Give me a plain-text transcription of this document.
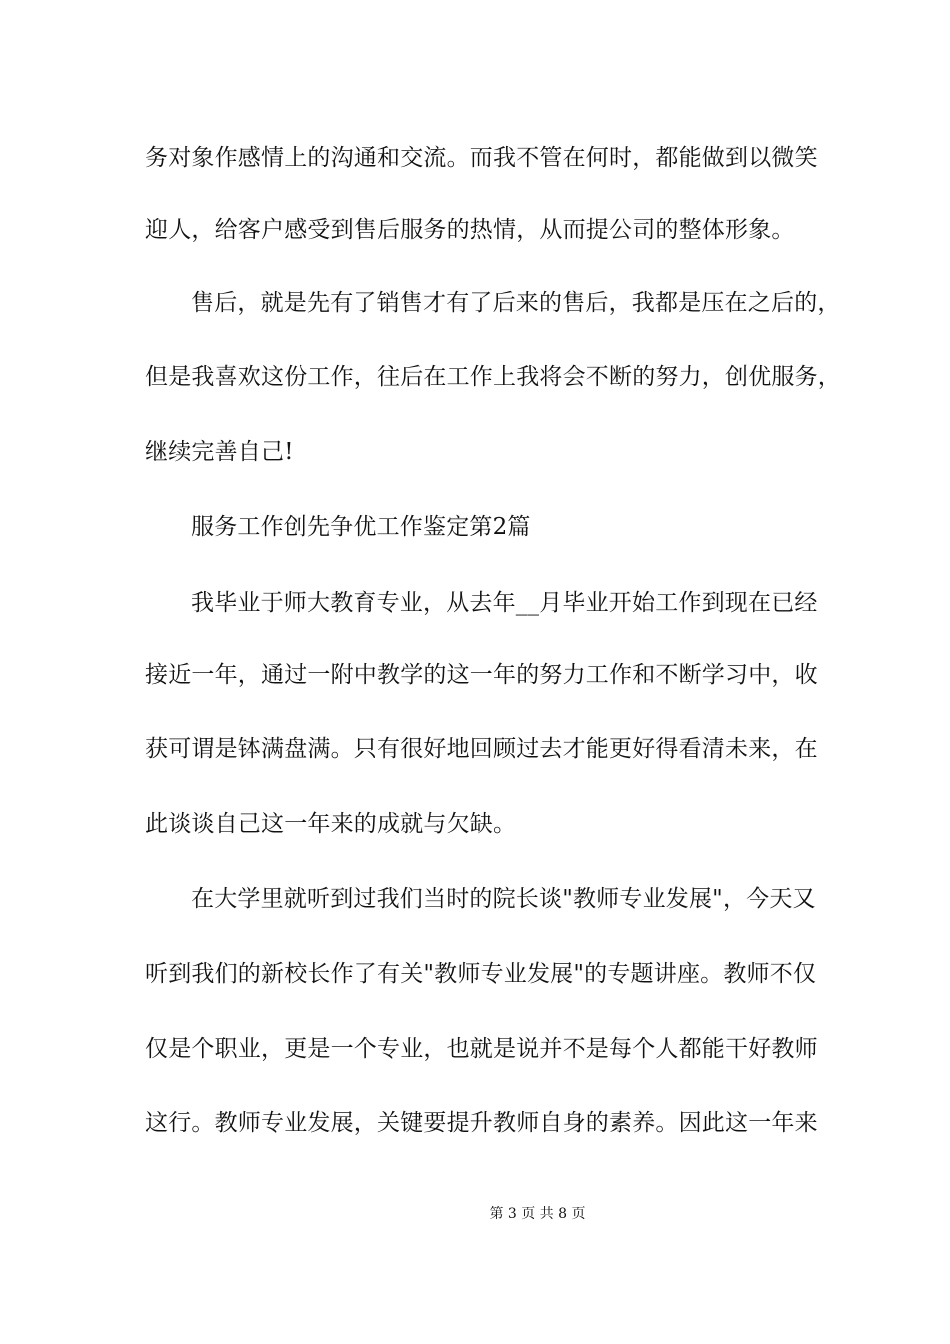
务对象作感情上的沟通和交流。而我不管在何时，都能做到以微笑
迎人，给客户感受到售后服务的热情，从而提公司的整体形象。
售后，就是先有了销售才有了后来的售后，我都是压在之后的，
但是我喜欢这份工作，往后在工作上我将会不断的努力，创优服务，
继续完善自己!
服务工作创先争优工作鉴定第2篇
我毕业于师大教育专业，从去年__月毕业开始工作到现在已经
接近一年，通过一附中教学的这一年的努力工作和不断学习中，收
获可谓是钵满盘满。只有很好地回顾过去才能更好得看清未来，在
此谈谈自己这一年来的成就与欠缺。
在大学里就听到过我们当时的院长谈"教师专业发展"，今天又
听到我们的新校长作了有关"教师专业发展"的专题讲座。教师不仅
仅是个职业，更是一个专业，也就是说并不是每个人都能干好教师
这行。教师专业发展，关键要提升教师自身的素养。因此这一年来
第 3 页 共 8 页
